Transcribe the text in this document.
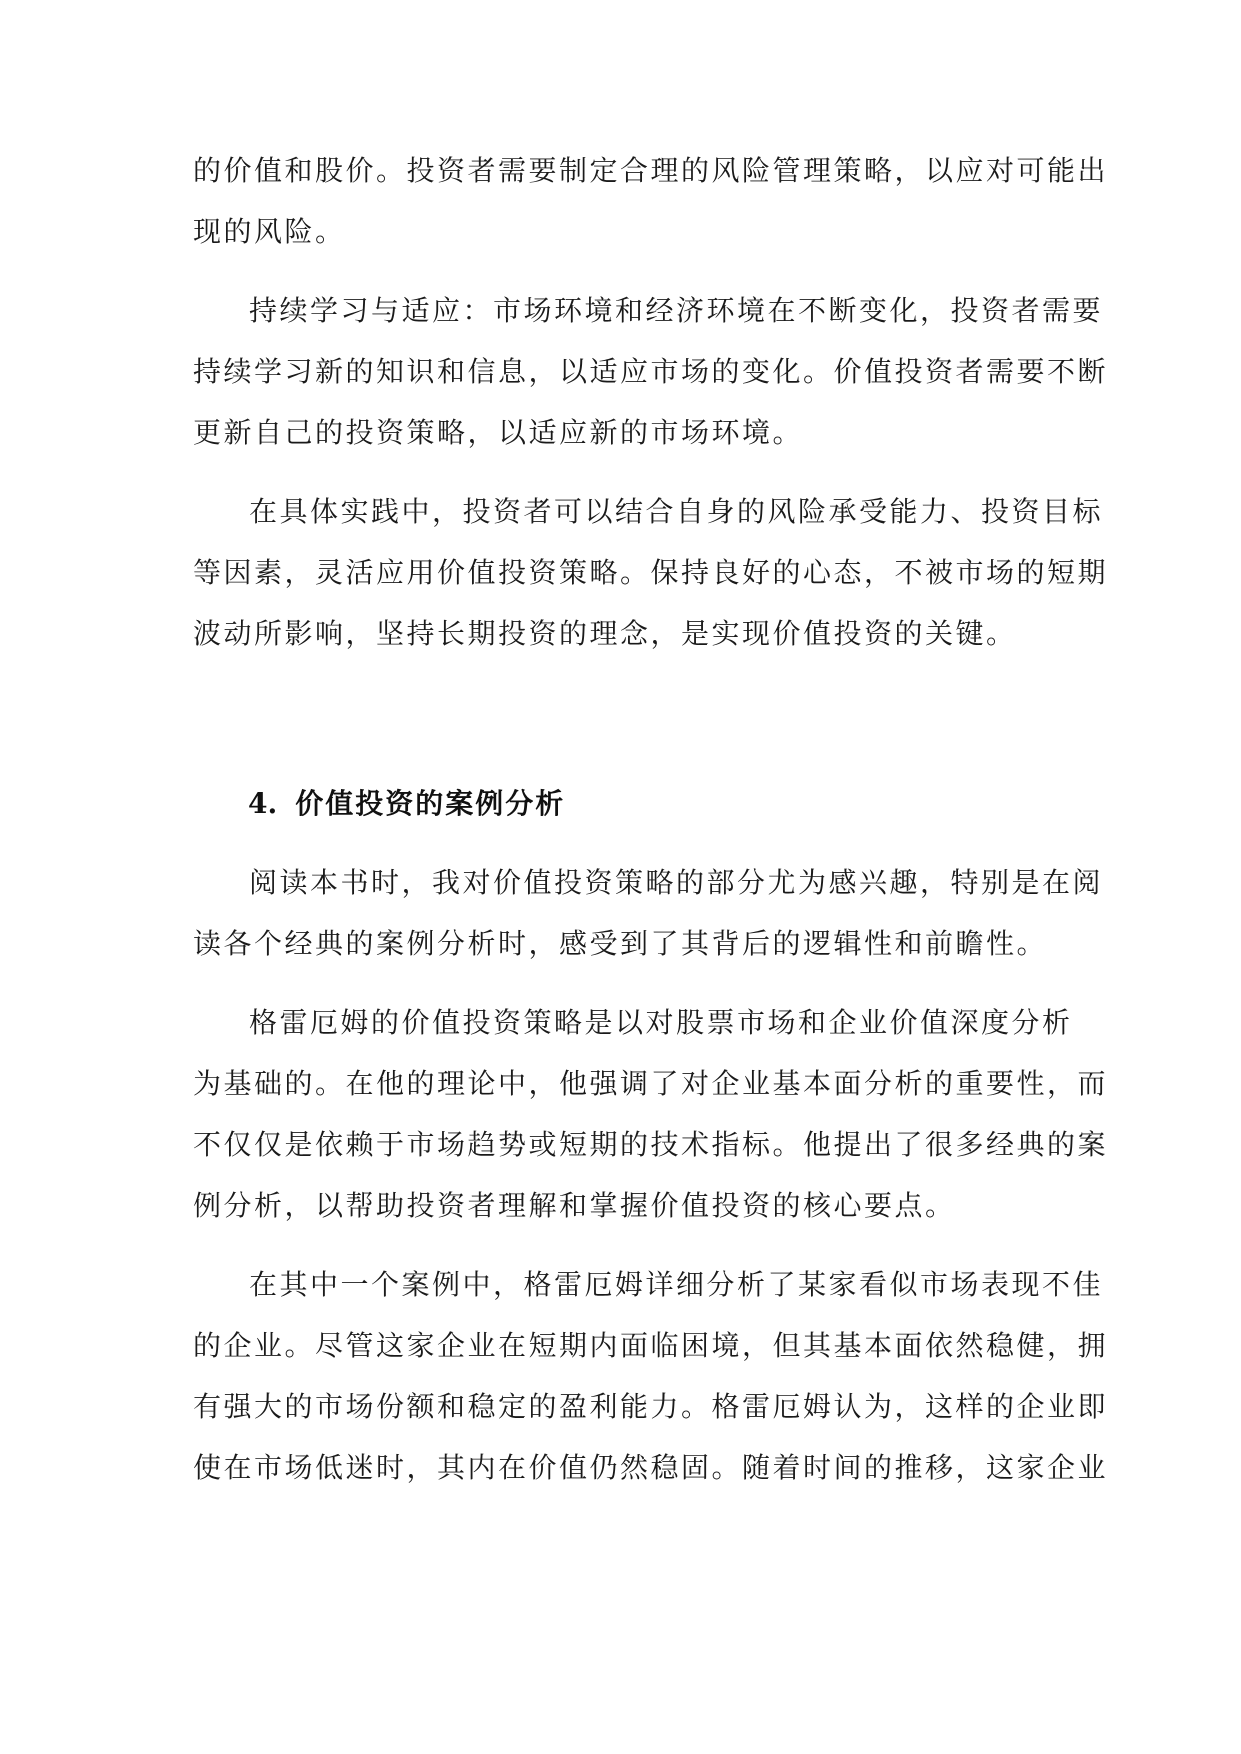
的价值和股价。投资者需要制定合理的风险管理策略，以应对可能出
现的风险。
持续学习与适应：市场环境和经济环境在不断变化，投资者需要
持续学习新的知识和信息，以适应市场的变化。价值投资者需要不断
更新自己的投资策略，以适应新的市场环境。
在具体实践中，投资者可以结合自身的风险承受能力、投资目标
等因素，灵活应用价值投资策略。保持良好的心态，不被市场的短期
波动所影响，坚持长期投资的理念，是实现价值投资的关键。
4. 价值投资的案例分析
阅读本书时，我对价值投资策略的部分尤为感兴趣，特别是在阅
读各个经典的案例分析时，感受到了其背后的逻辑性和前瞻性。
格雷厄姆的价值投资策略是以对股票市场和企业价值深度分析
为基础的。在他的理论中，他强调了对企业基本面分析的重要性，而
不仅仅是依赖于市场趋势或短期的技术指标。他提出了很多经典的案
例分析，以帮助投资者理解和掌握价值投资的核心要点。
在其中一个案例中，格雷厄姆详细分析了某家看似市场表现不佳
的企业。尽管这家企业在短期内面临困境，但其基本面依然稳健，拥
有强大的市场份额和稳定的盈利能力。格雷厄姆认为，这样的企业即
使在市场低迷时，其内在价值仍然稳固。随着时间的推移，这家企业
